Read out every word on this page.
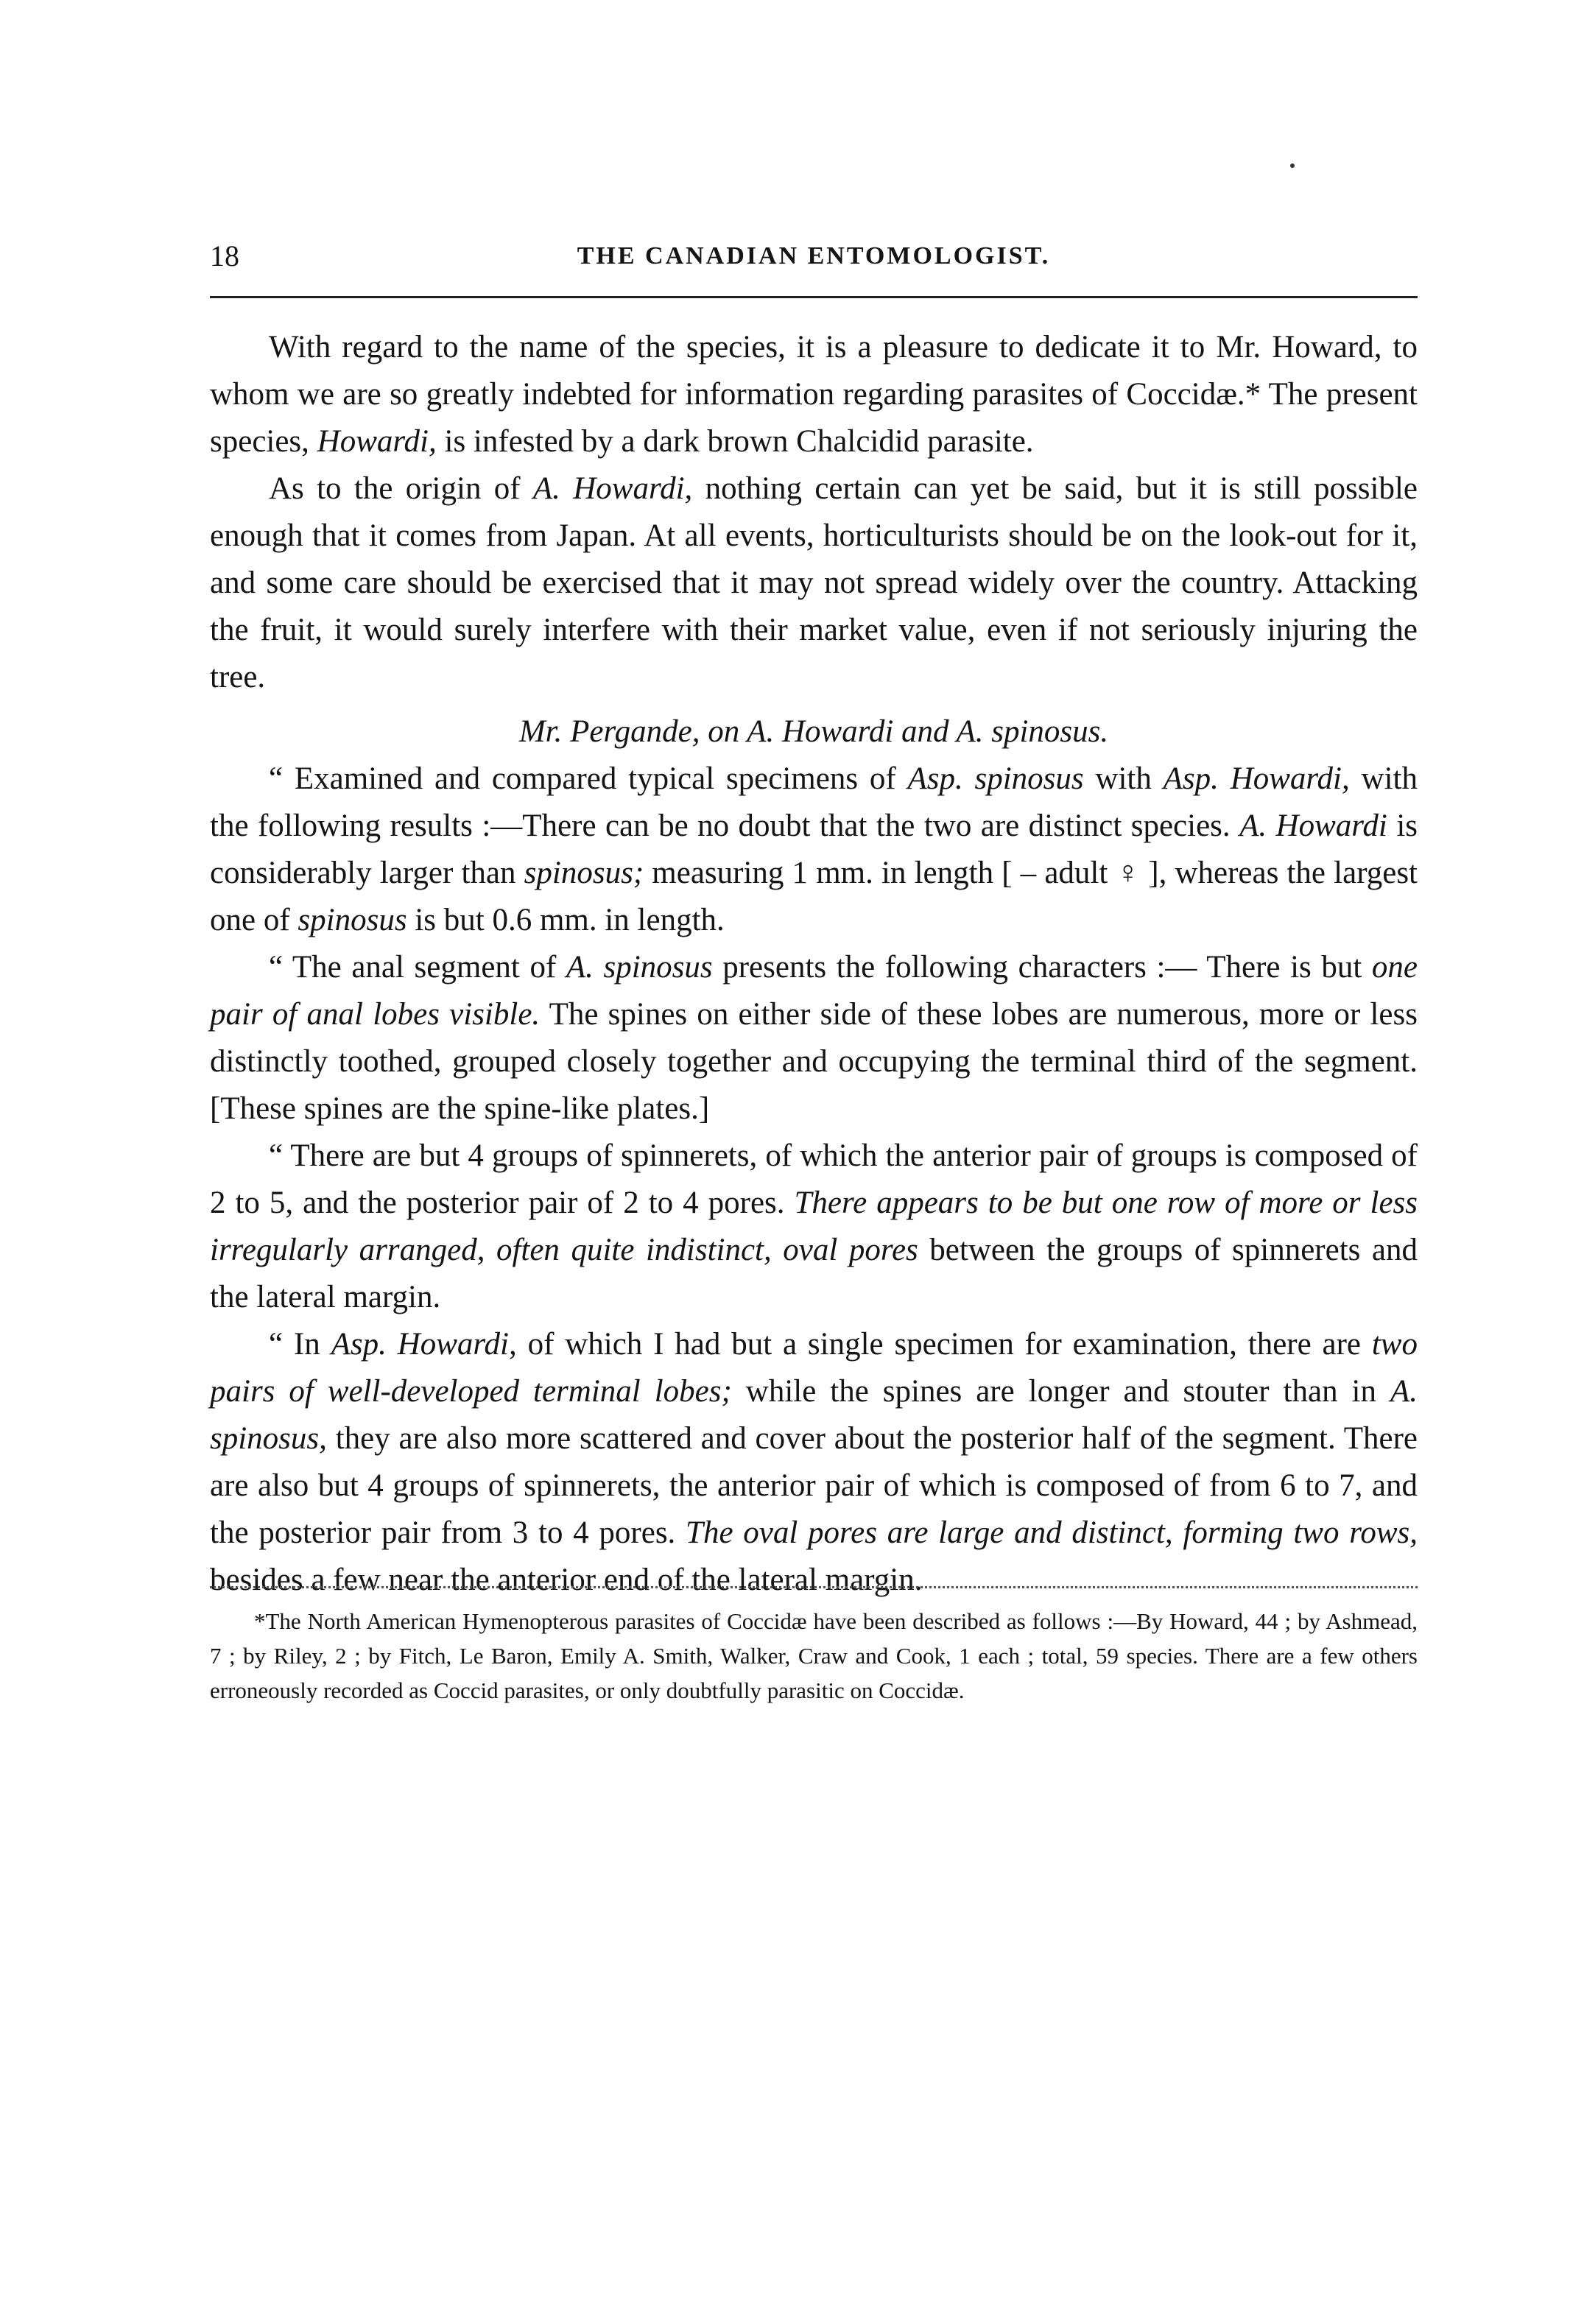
18	THE CANADIAN ENTOMOLOGIST.

With regard to the name of the species, it is a pleasure to dedicate it to Mr. Howard, to whom we are so greatly indebted for information regarding parasites of Coccidæ.* The present species, Howardi, is infested by a dark brown Chalcidid parasite.

As to the origin of A. Howardi, nothing certain can yet be said, but it is still possible enough that it comes from Japan. At all events, horticulturists should be on the look-out for it, and some care should be exercised that it may not spread widely over the country. Attacking the fruit, it would surely interfere with their market value, even if not seriously injuring the tree.

Mr. Pergande, on A. Howardi and A. spinosus.

“ Examined and compared typical specimens of Asp. spinosus with Asp. Howardi, with the following results :—There can be no doubt that the two are distinct species. A. Howardi is considerably larger than spinosus; measuring 1 mm. in length [ – adult ♀ ], whereas the largest one of spinosus is but 0.6 mm. in length.

“ The anal segment of A. spinosus presents the following characters :— There is but one pair of anal lobes visible. The spines on either side of these lobes are numerous, more or less distinctly toothed, grouped closely together and occupying the terminal third of the segment. [These spines are the spine-like plates.]

“ There are but 4 groups of spinnerets, of which the anterior pair of groups is composed of 2 to 5, and the posterior pair of 2 to 4 pores. There appears to be but one row of more or less irregularly arranged, often quite indistinct, oval pores between the groups of spinnerets and the lateral margin.

“ In Asp. Howardi, of which I had but a single specimen for examination, there are two pairs of well-developed terminal lobes; while the spines are longer and stouter than in A. spinosus, they are also more scattered and cover about the posterior half of the segment. There are also but 4 groups of spinnerets, the anterior pair of which is composed of from 6 to 7, and the posterior pair from 3 to 4 pores. The oval pores are large and distinct, forming two rows, besides a few near the anterior end of the lateral margin.

*The North American Hymenopterous parasites of Coccidæ have been described as follows :—By Howard, 44 ; by Ashmead, 7 ; by Riley, 2 ; by Fitch, Le Baron, Emily A. Smith, Walker, Craw and Cook, 1 each ; total, 59 species. There are a few others erroneously recorded as Coccid parasites, or only doubtfully parasitic on Coccidæ.
